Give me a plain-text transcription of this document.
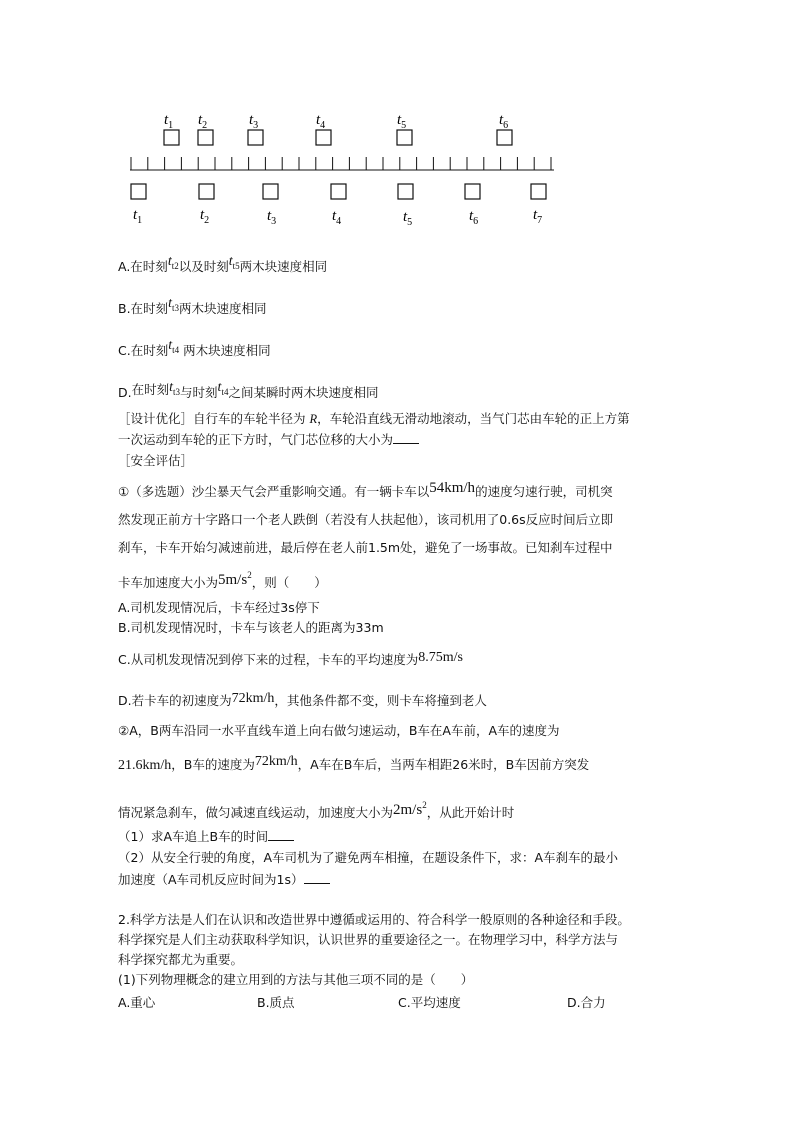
$t_1$ $t_2$	$t_3$	$t_4$	$t_5$	$t_6$
$t_1$	$t_2$	$t_3$	$t_4$	$t_5$	$t_6$	$t_7$
A.在时刻$t_{t2}$以及时刻$t_{t5}$两木块速度相同
B.在时刻$t_{t3}$两木块速度相同
C.在时刻$t_{t4}$ 两木块速度相同
D.在时刻$t_{t3}$与时刻$t_{t4}$之间某瞬时两木块速度相同
［设计优化］自行车的车轮半径为 R，车轮沿直线无滑动地滚动，当气门芯由车轮的正上方第
一次运动到车轮的正下方时，气门芯位移的大小为
［安全评估］
①（多选题）沙尘暴天气会严重影响交通。有一辆卡车以54km/h的速度匀速行驶，司机突
然发现正前方十字路口一个老人跌倒（若没有人扶起他），该司机用了0.6s反应时间后立即
刹车，卡车开始匀减速前进，最后停在老人前1.5m处，避免了一场事故。已知刹车过程中
卡车加速度大小为$5m/s^2$，则（　　）
A.司机发现情况后，卡车经过3s停下
B.司机发现情况时，卡车与该老人的距离为33m
C.从司机发现情况到停下来的过程，卡车的平均速度为8.75m/s
D.若卡车的初速度为72km/h，其他条件都不变，则卡车将撞到老人
②A，B两车沿同一水平直线车道上向右做匀速运动，B车在A车前，A车的速度为
21.6km/h，B车的速度为72km/h，A车在B车后，当两车相距26米时，B车因前方突发
情况紧急刹车，做匀减速直线运动，加速度大小为$2m/s^2$，从此开始计时
（1）求A车追上B车的时间
（2）从安全行驶的角度，A车司机为了避免两车相撞，在题设条件下，求：A车刹车的最小
加速度（A车司机反应时间为1s）
2.科学方法是人们在认识和改造世界中遵循或运用的、符合科学一般原则的各种途径和手段。
科学探究是人们主动获取科学知识，认识世界的重要途径之一。在物理学习中，科学方法与
科学探究都尤为重要。
(1)下列物理概念的建立用到的方法与其他三项不同的是（　　）
A.重心	B.质点	C.平均速度	D.合力
